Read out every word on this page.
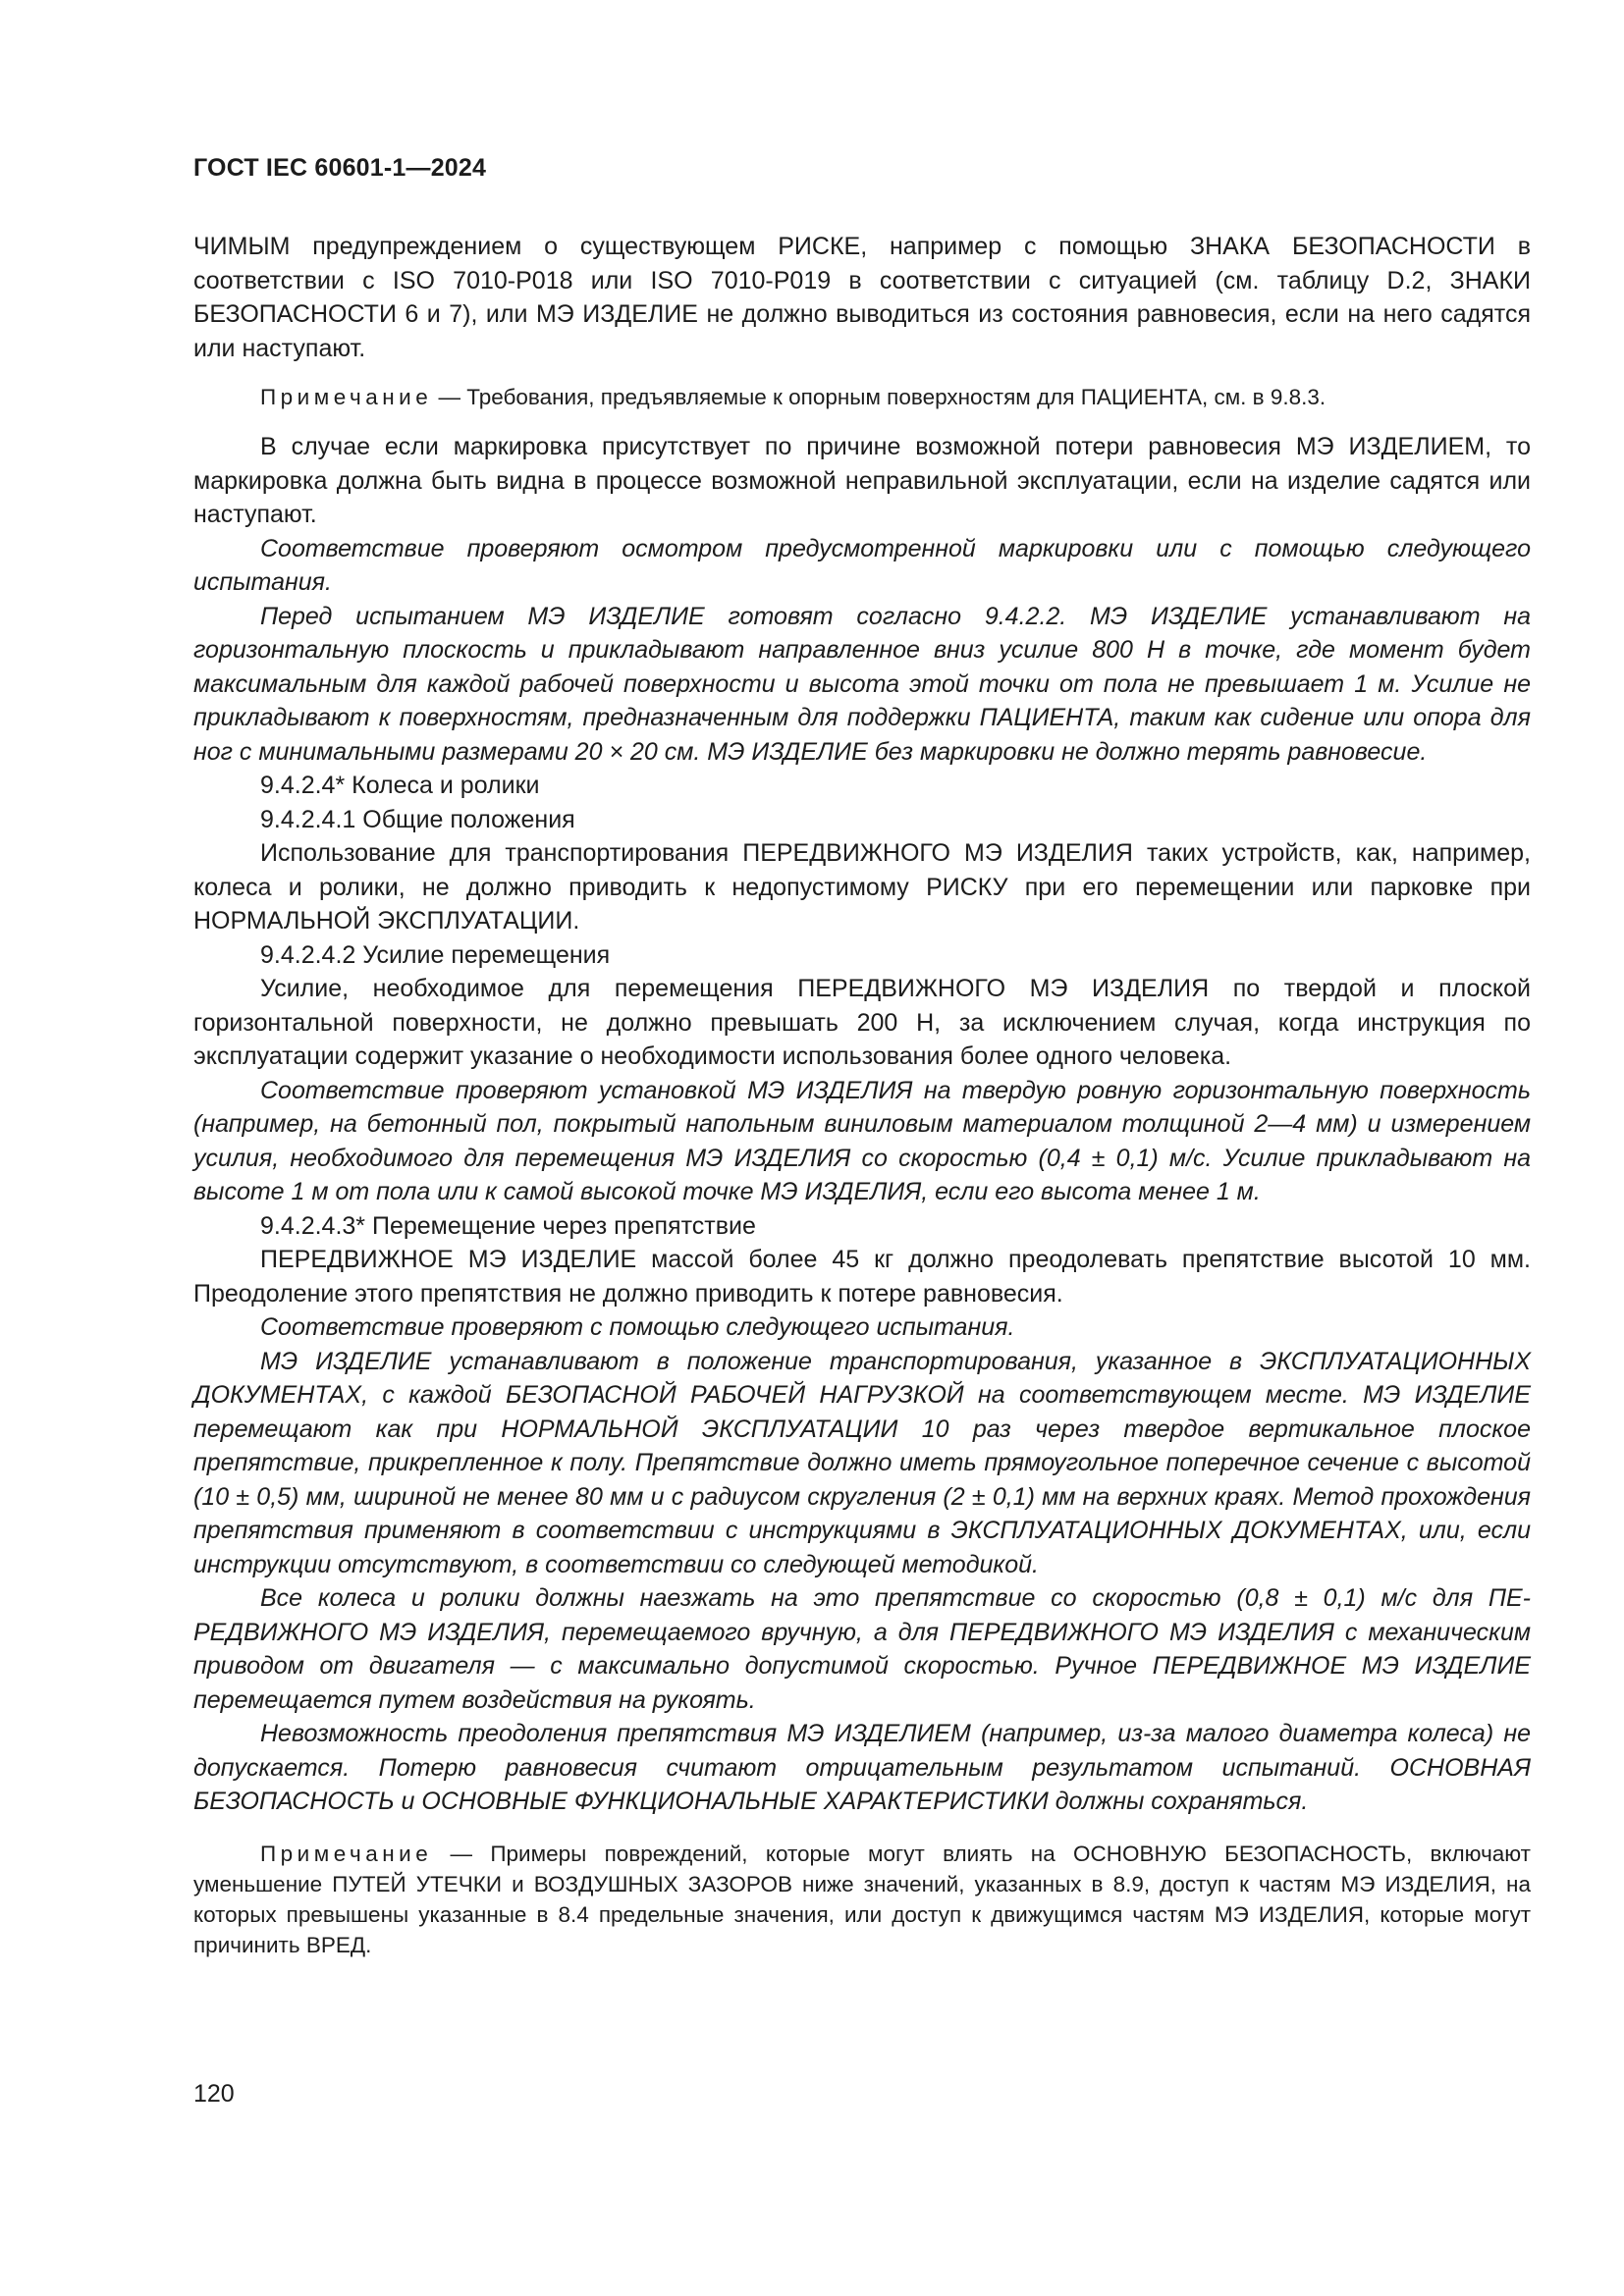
ГОСТ IEC 60601-1—2024

ЧИМЫМ предупреждением о существующем РИСКЕ, например с помощью ЗНАКА БЕЗОПАСНОСТИ в соответствии с ISO 7010-P018 или ISO 7010-P019 в соответствии с ситуацией (см. таблицу D.2, ЗНАКИ БЕЗОПАСНОСТИ 6 и 7), или МЭ ИЗДЕЛИЕ не должно выводиться из состояния равновесия, если на него садятся или наступают.

Примечание — Требования, предъявляемые к опорным поверхностям для ПАЦИЕНТА, см. в 9.8.3.

В случае если маркировка присутствует по причине возможной потери равновесия МЭ ИЗДЕЛИЕМ, то маркировка должна быть видна в процессе возможной неправильной эксплуатации, если на изделие садятся или наступают.

Соответствие проверяют осмотром предусмотренной маркировки или с помощью следующего испытания.

Перед испытанием МЭ ИЗДЕЛИЕ готовят согласно 9.4.2.2. МЭ ИЗДЕЛИЕ устанавливают на горизонтальную плоскость и прикладывают направленное вниз усилие 800 Н в точке, где момент будет максимальным для каждой рабочей поверхности и высота этой точки от пола не превышает 1 м. Усилие не прикладывают к поверхностям, предназначенным для поддержки ПАЦИЕНТА, таким как сидение или опора для ног с минимальными размерами 20 × 20 см. МЭ ИЗДЕЛИЕ без маркировки не должно терять равновесие.

9.4.2.4* Колеса и ролики

9.4.2.4.1 Общие положения

Использование для транспортирования ПЕРЕДВИЖНОГО МЭ ИЗДЕЛИЯ таких устройств, как, например, колеса и ролики, не должно приводить к недопустимому РИСКУ при его перемещении или парковке при НОРМАЛЬНОЙ ЭКСПЛУАТАЦИИ.

9.4.2.4.2 Усилие перемещения

Усилие, необходимое для перемещения ПЕРЕДВИЖНОГО МЭ ИЗДЕЛИЯ по твердой и плоской горизонтальной поверхности, не должно превышать 200 Н, за исключением случая, когда инструкция по эксплуатации содержит указание о необходимости использования более одного человека.

Соответствие проверяют установкой МЭ ИЗДЕЛИЯ на твердую ровную горизонтальную поверхность (например, на бетонный пол, покрытый напольным виниловым материалом толщиной 2—4 мм) и измерением усилия, необходимого для перемещения МЭ ИЗДЕЛИЯ со скоростью (0,4 ± 0,1) м/с. Усилие прикладывают на высоте 1 м от пола или к самой высокой точке МЭ ИЗДЕЛИЯ, если его высота менее 1 м.

9.4.2.4.3* Перемещение через препятствие

ПЕРЕДВИЖНОЕ МЭ ИЗДЕЛИЕ массой более 45 кг должно преодолевать препятствие высотой 10 мм. Преодоление этого препятствия не должно приводить к потере равновесия.

Соответствие проверяют с помощью следующего испытания.

МЭ ИЗДЕЛИЕ устанавливают в положение транспортирования, указанное в ЭКСПЛУАТАЦИОННЫХ ДОКУМЕНТАХ, с каждой БЕЗОПАСНОЙ РАБОЧЕЙ НАГРУЗКОЙ на соответствующем месте. МЭ ИЗДЕЛИЕ перемещают как при НОРМАЛЬНОЙ ЭКСПЛУАТАЦИИ 10 раз через твердое вертикальное плоское препятствие, прикрепленное к полу. Препятствие должно иметь прямоугольное поперечное сечение с высотой (10 ± 0,5) мм, шириной не менее 80 мм и с радиусом скругления (2 ± 0,1) мм на верхних краях. Метод прохождения препятствия применяют в соответствии с инструкциями в ЭКСПЛУАТАЦИОННЫХ ДОКУМЕНТАХ, или, если инструкции отсутствуют, в соответствии со следующей методикой.

Все колеса и ролики должны наезжать на это препятствие со скоростью (0,8 ± 0,1) м/с для ПЕРЕДВИЖНОГО МЭ ИЗДЕЛИЯ, перемещаемого вручную, а для ПЕРЕДВИЖНОГО МЭ ИЗДЕЛИЯ с механическим приводом от двигателя — с максимально допустимой скоростью. Ручное ПЕРЕДВИЖНОЕ МЭ ИЗДЕЛИЕ перемещается путем воздействия на рукоять.

Невозможность преодоления препятствия МЭ ИЗДЕЛИЕМ (например, из-за малого диаметра колеса) не допускается. Потерю равновесия считают отрицательным результатом испытаний. ОСНОВНАЯ БЕЗОПАСНОСТЬ и ОСНОВНЫЕ ФУНКЦИОНАЛЬНЫЕ ХАРАКТЕРИСТИКИ должны сохраняться.

Примечание — Примеры повреждений, которые могут влиять на ОСНОВНУЮ БЕЗОПАСНОСТЬ, включают уменьшение ПУТЕЙ УТЕЧКИ и ВОЗДУШНЫХ ЗАЗОРОВ ниже значений, указанных в 8.9, доступ к частям МЭ ИЗДЕЛИЯ, на которых превышены указанные в 8.4 предельные значения, или доступ к движущимся частям МЭ ИЗДЕЛИЯ, которые могут причинить ВРЕД.

120
